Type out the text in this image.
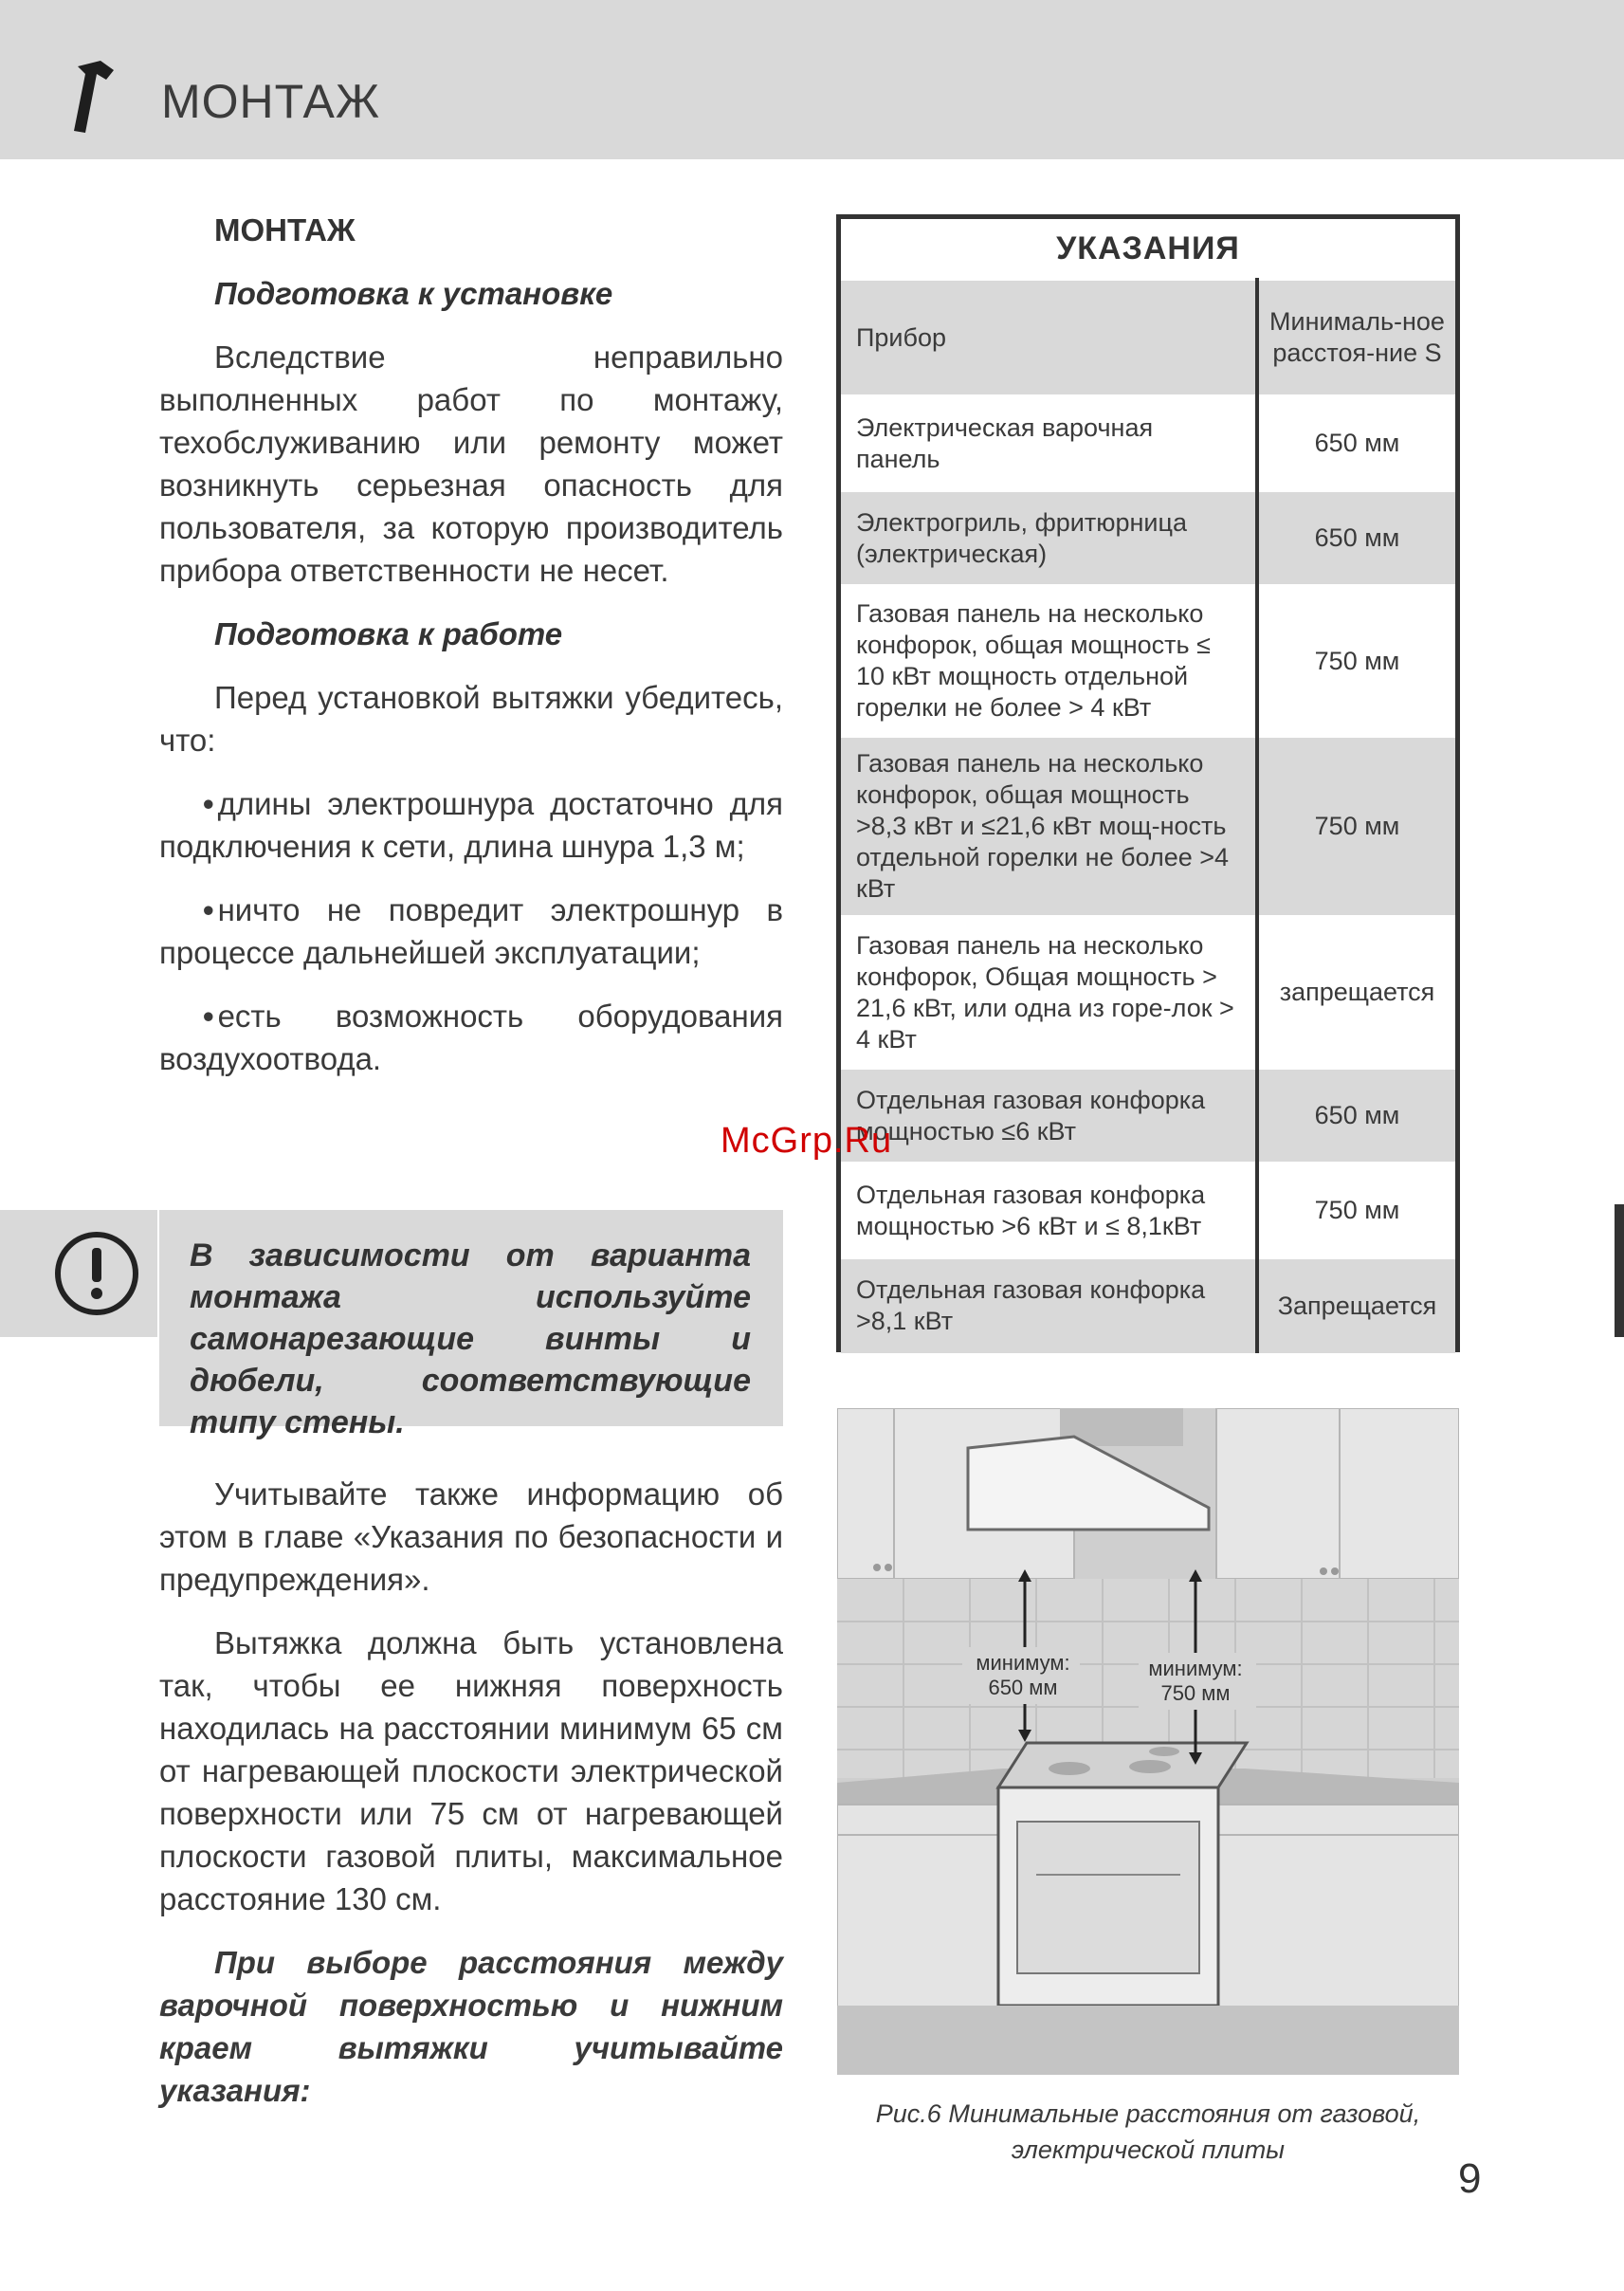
МОНТАЖ
МОНТАЖ
Подготовка к установке

Вследствие неправильно выполненных работ по монтажу, техобслуживанию или ремонту может возникнуть серьезная опасность для пользователя, за которую производитель прибора ответственности не несет.

Подготовка к работе

Перед установкой вытяжки убедитесь, что:

• длины электрошнура достаточно для подключения к сети, длина шнура 1,3 м;

• ничто не повредит электрошнур в процессе дальнейшей эксплуатации;

• есть возможность оборудования воздухоотвода.

В зависимости от варианта монтажа используйте самонарезающие винты и дюбели, соответствующие типу стены.

Учитывайте также информацию об этом в главе «Указания по безопасности и предупреждения».

Вытяжка должна быть установлена так, чтобы ее нижняя поверхность находилась на расстоянии минимум 65 см от нагревающей плоскости электрической поверхности или 75 см от нагревающей плоскости газовой плиты, максимальное расстояние 130 см.

При выборе расстояния между варочной поверхностью и нижним краем вытяжки учитывайте указания:

УКАЗАНИЯ
Прибор	Минималь-ное расстоя-ние S
Электрическая варочная панель	650 мм
Электрогриль, фритюрница (электрическая)	650 мм
Газовая панель на несколько конфорок, общая мощность ≤ 10 кВт мощность отдельной горелки не более > 4 кВт	750 мм
Газовая панель на несколько конфорок, общая мощность >8,3 кВт и ≤21,6 кВт мощ-ность отдельной горелки не более >4 кВт	750 мм
Газовая панель на несколько конфорок, Общая мощность > 21,6 кВт, или одна из горе-лок > 4 кВт	запрещается
Отдельная газовая конфорка мощностью ≤6 кВт	650 мм
Отдельная газовая конфорка мощностью >6 кВт и ≤ 8,1кВт	750 мм
Отдельная газовая конфорка >8,1 кВт	Запрещается
минимум:
650 мм
минимум:
750 мм
Рис.6 Минимальные расстояния от газовой, электрической плиты
9
McGrp.Ru
